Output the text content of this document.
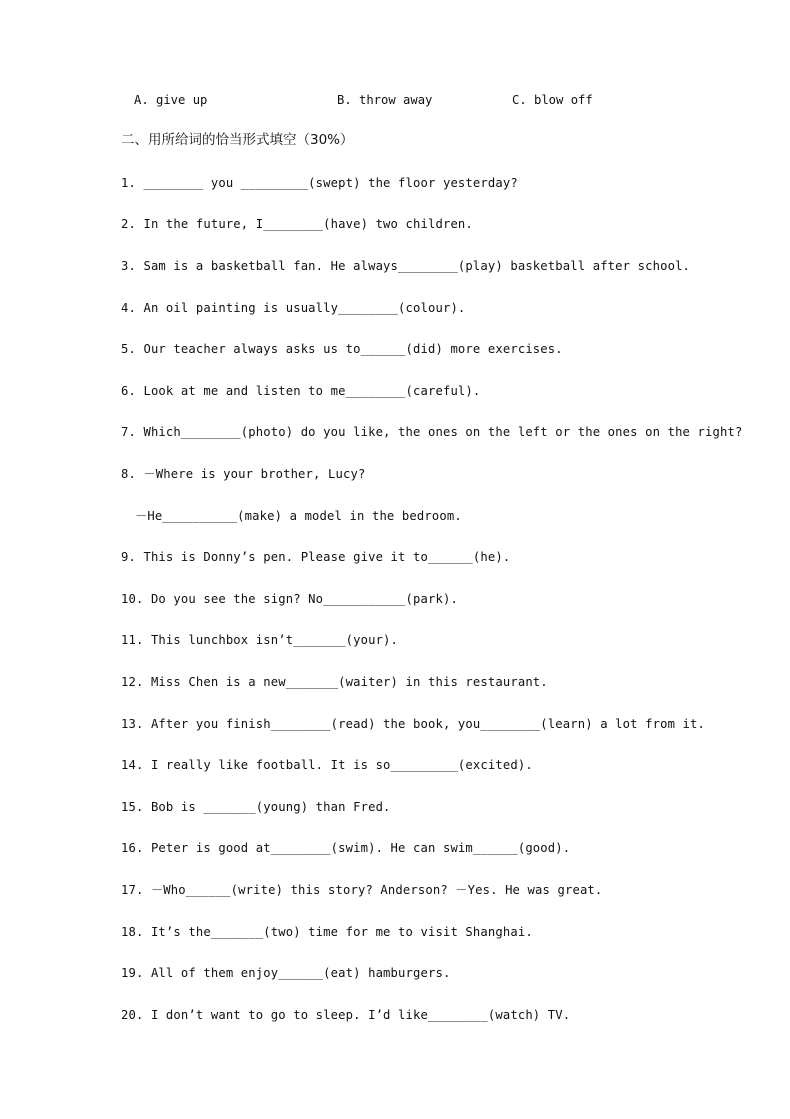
A. give up	B. throw away	C. blow off
二、用所给词的恰当形式填空（30%）
1. ________ you _________(swept) the floor yesterday?
2. In the future, I________(have) two children.
3. Sam is a basketball fan. He always________(play) basketball after school.
4. An oil painting is usually________(colour).
5. Our teacher always asks us to______(did) more exercises.
6. Look at me and listen to me________(careful).
7. Which________(photo) do you like, the ones on the left or the ones on the right?
8. －Where is your brother, Lucy?
－He__________(make) a model in the bedroom.
9. This is Donny’s pen. Please give it to______(he).
10. Do you see the sign? No___________(park).
11. This lunchbox isn’t_______(your).
12. Miss Chen is a new_______(waiter) in this restaurant.
13. After you finish________(read) the book, you________(learn) a lot from it.
14. I really like football. It is so_________(excited).
15. Bob is _______(young) than Fred.
16. Peter is good at________(swim). He can swim______(good).
17. －Who______(write) this story? Anderson? －Yes. He was great.
18. It’s the_______(two) time for me to visit Shanghai.
19. All of them enjoy______(eat) hamburgers.
20. I don’t want to go to sleep. I’d like________(watch) TV.
